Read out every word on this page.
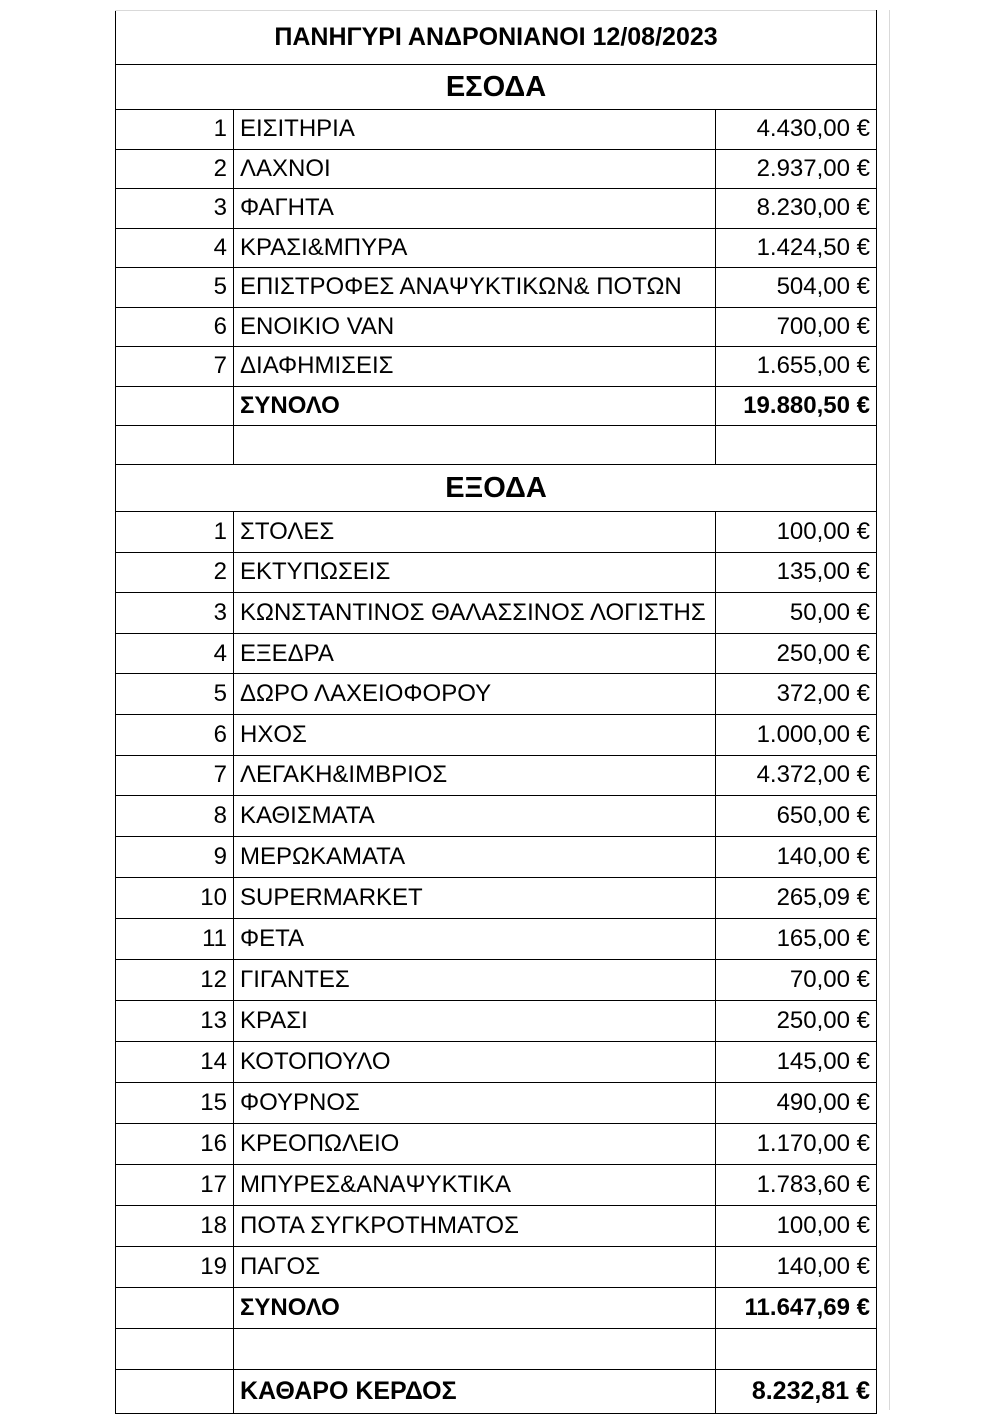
ΠΑΝΗΓΥΡΙ ΑΝΔΡΟΝΙΑΝΟΙ 12/08/2023		
ΕΣΟΔΑ		
1	ΕΙΣΙΤΗΡΙΑ	4.430,00 €
2	ΛΑΧΝΟΙ	2.937,00 €
3	ΦΑΓΗΤΑ	8.230,00 €
4	ΚΡΑΣΙ&ΜΠΥΡΑ	1.424,50 €
5	ΕΠΙΣΤΡΟΦΕΣ ΑΝΑΨΥΚΤΙΚΩΝ& ΠΟΤΩΝ	504,00 €
6	ΕΝΟΙΚΙΟ VAN	700,00 €
7	ΔΙΑΦΗΜΙΣΕΙΣ	1.655,00 €
	ΣΥΝΟΛΟ	19.880,50 €

ΕΞΟΔΑ		
1	ΣΤΟΛΕΣ	100,00 €
2	ΕΚΤΥΠΩΣΕΙΣ	135,00 €
3	ΚΩΝΣΤΑΝΤΙΝΟΣ ΘΑΛΑΣΣΙΝΟΣ ΛΟΓΙΣΤΗΣ	50,00 €
4	ΕΞΕΔΡΑ	250,00 €
5	ΔΩΡΟ ΛΑΧΕΙΟΦΟΡΟΥ	372,00 €
6	ΗΧΟΣ	1.000,00 €
7	ΛΕΓΑΚΗ&ΙΜΒΡΙΟΣ	4.372,00 €
8	ΚΑΘΙΣΜΑΤΑ	650,00 €
9	ΜΕΡΩΚΑΜΑΤΑ	140,00 €
10	SUPERMARKET	265,09 €
11	ΦΕΤΑ	165,00 €
12	ΓΙΓΑΝΤΕΣ	70,00 €
13	ΚΡΑΣΙ	250,00 €
14	ΚΟΤΟΠΟΥΛΟ	145,00 €
15	ΦΟΥΡΝΟΣ	490,00 €
16	ΚΡΕΟΠΩΛΕΙΟ	1.170,00 €
17	ΜΠΥΡΕΣ&ΑΝΑΨΥΚΤΙΚΑ	1.783,60 €
18	ΠΟΤΑ ΣΥΓΚΡΟΤΗΜΑΤΟΣ	100,00 €
19	ΠΑΓΟΣ	140,00 €
	ΣΥΝΟΛΟ	11.647,69 €

	ΚΑΘΑΡΟ ΚΕΡΔΟΣ	8.232,81 €
